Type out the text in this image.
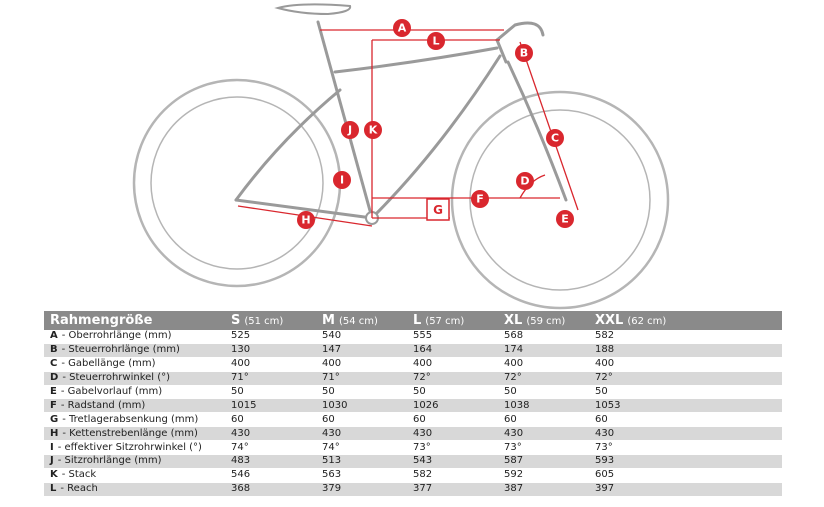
A
B
C
D
E
F
G
H
I
J K
L
Rahmengröße	S (51 cm)	M (54 cm)	L (57 cm)	XL (59 cm)	XXL (62 cm)
A - Oberrohrlänge (mm)	525	540	555	568	582
B - Steuerrohrlänge (mm)	130	147	164	174	188
C - Gabellänge (mm)	400	400	400	400	400
D - Steuerrohrwinkel (°)	71°	71°	72°	72°	72°
E - Gabelvorlauf (mm)	50	50	50	50	50
F - Radstand (mm)	1015	1030	1026	1038	1053
G - Tretlagerabsenkung (mm)	60	60	60	60	60
H - Kettenstrebenlänge (mm)	430	430	430	430	430
I - effektiver Sitzrohrwinkel (°)	74°	74°	73°	73°	73°
J - Sitzrohrlänge (mm)	483	513	543	587	593
K - Stack	546	563	582	592	605
L - Reach	368	379	377	387	397
